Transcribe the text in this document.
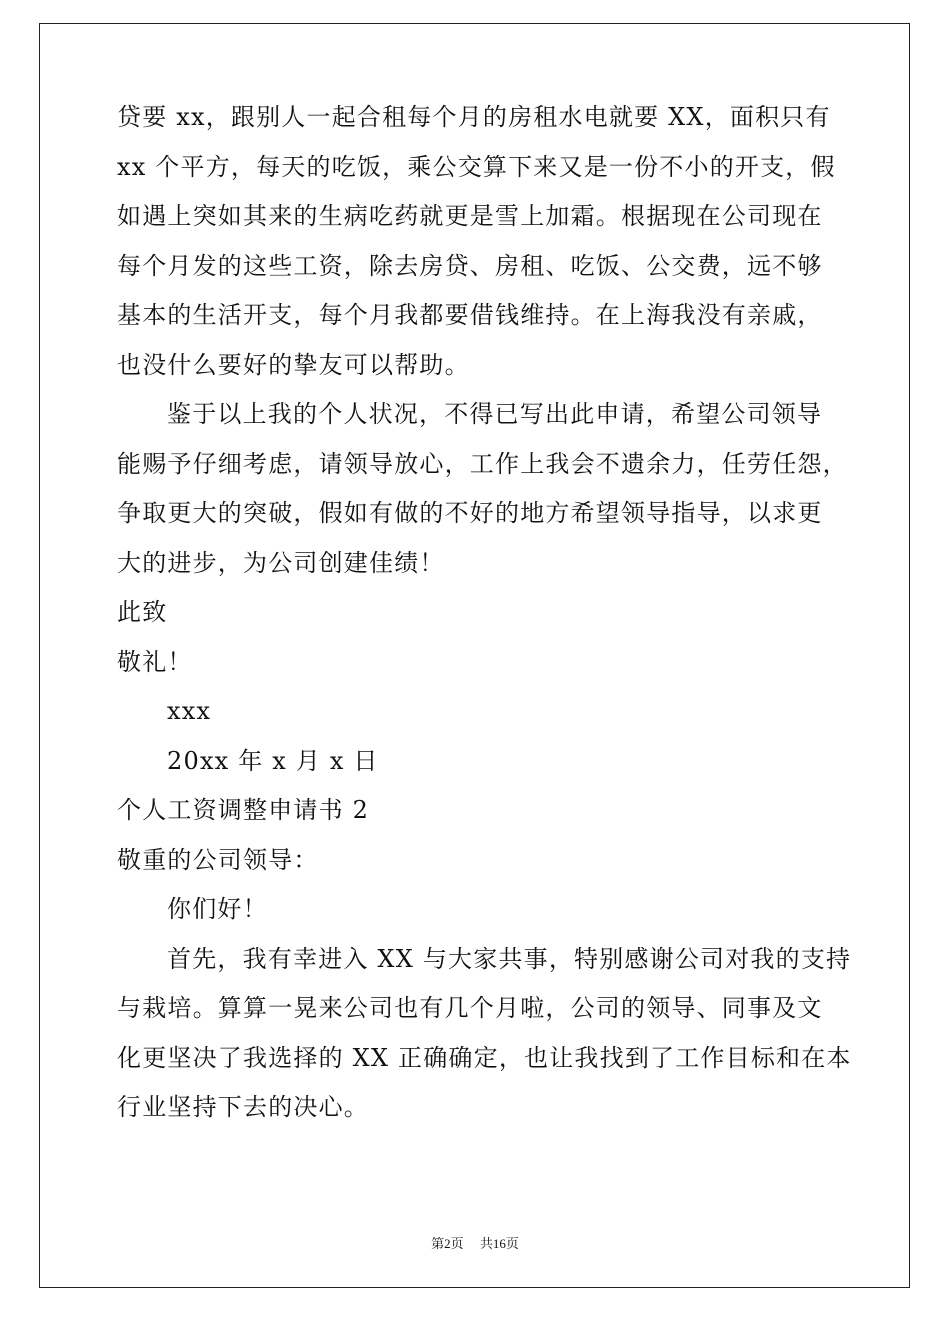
贷要 xx，跟别人一起合租每个月的房租水电就要 XX，面积只有
xx 个平方，每天的吃饭，乘公交算下来又是一份不小的开支，假
如遇上突如其来的生病吃药就更是雪上加霜。根据现在公司现在
每个月发的这些工资，除去房贷、房租、吃饭、公交费，远不够
基本的生活开支，每个月我都要借钱维持。在上海我没有亲戚，
也没什么要好的挚友可以帮助。
鉴于以上我的个人状况，不得已写出此申请，希望公司领导
能赐予仔细考虑，请领导放心，工作上我会不遗余力，任劳任怨，
争取更大的突破，假如有做的不好的地方希望领导指导，以求更
大的进步，为公司创建佳绩！
此致
敬礼！
xxx
20xx 年 x 月 x 日
个人工资调整申请书 2
敬重的公司领导：
你们好！
首先，我有幸进入 XX 与大家共事，特别感谢公司对我的支持
与栽培。算算一晃来公司也有几个月啦，公司的领导、同事及文
化更坚决了我选择的 XX 正确确定，也让我找到了工作目标和在本
行业坚持下去的决心。
第2页　 共16页
